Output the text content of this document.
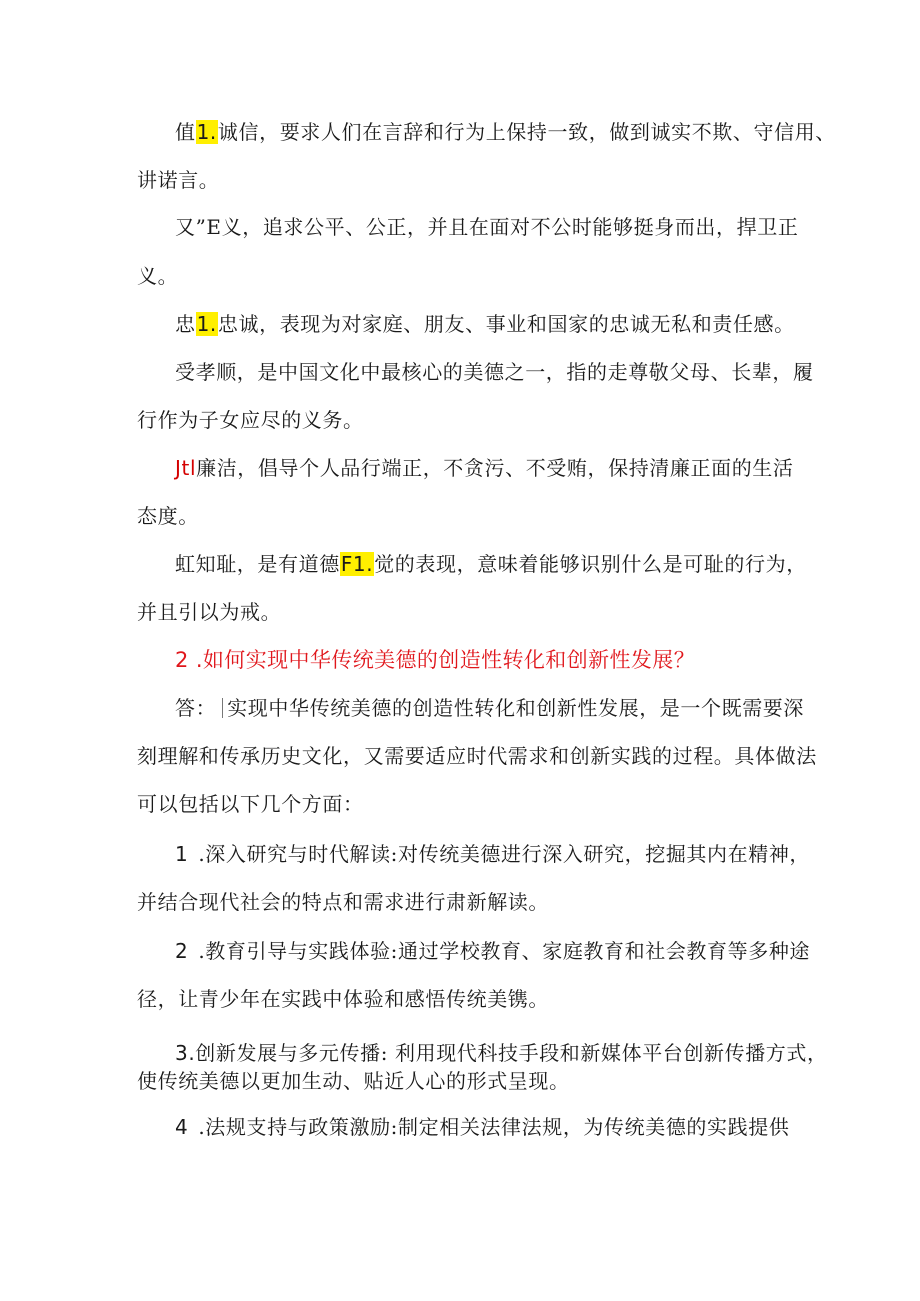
值1.诚信，要求人们在言辞和行为上保持一致，做到诚实不欺、守信用、
讲诺言。
又”E义，追求公平、公正，并且在面对不公时能够挺身而出，捍卫正
义。
忠1.忠诚，表现为对家庭、朋友、事业和国家的忠诚无私和责任感。
受孝顺，是中国文化中最核心的美德之一，指的走尊敬父母、长辈，履
行作为子女应尽的义务。
Jtl廉洁，倡导个人品行端正，不贪污、不受贿，保持清廉正面的生活
态度。
虹知耻，是有道德F1.觉的表现，意味着能够识别什么是可耻的行为，
并且引以为戒。
2 .如何实现中华传统美德的创造性转化和创新性发展？
答： 实现中华传统美德的创造性转化和创新性发展，是一个既需要深
刻理解和传承历史文化，又需要适应时代需求和创新实践的过程。具体做法
可以包括以下几个方面：
1 .深入研究与时代解读:对传统美德进行深入研究，挖掘其内在精神，
并结合现代社会的特点和需求进行肃新解读。
2 .教育引导与实践体验:通过学校教育、家庭教育和社会教育等多种途
径，让青少年在实践中体验和感悟传统美镌。
3.创新发展与多元传播: 利用现代科技手段和新媒体平台创新传播方式，
使传统美德以更加生动、贴近人心的形式呈现。
4 .法规支持与政策激励:制定相关法律法规，为传统美德的实践提供
